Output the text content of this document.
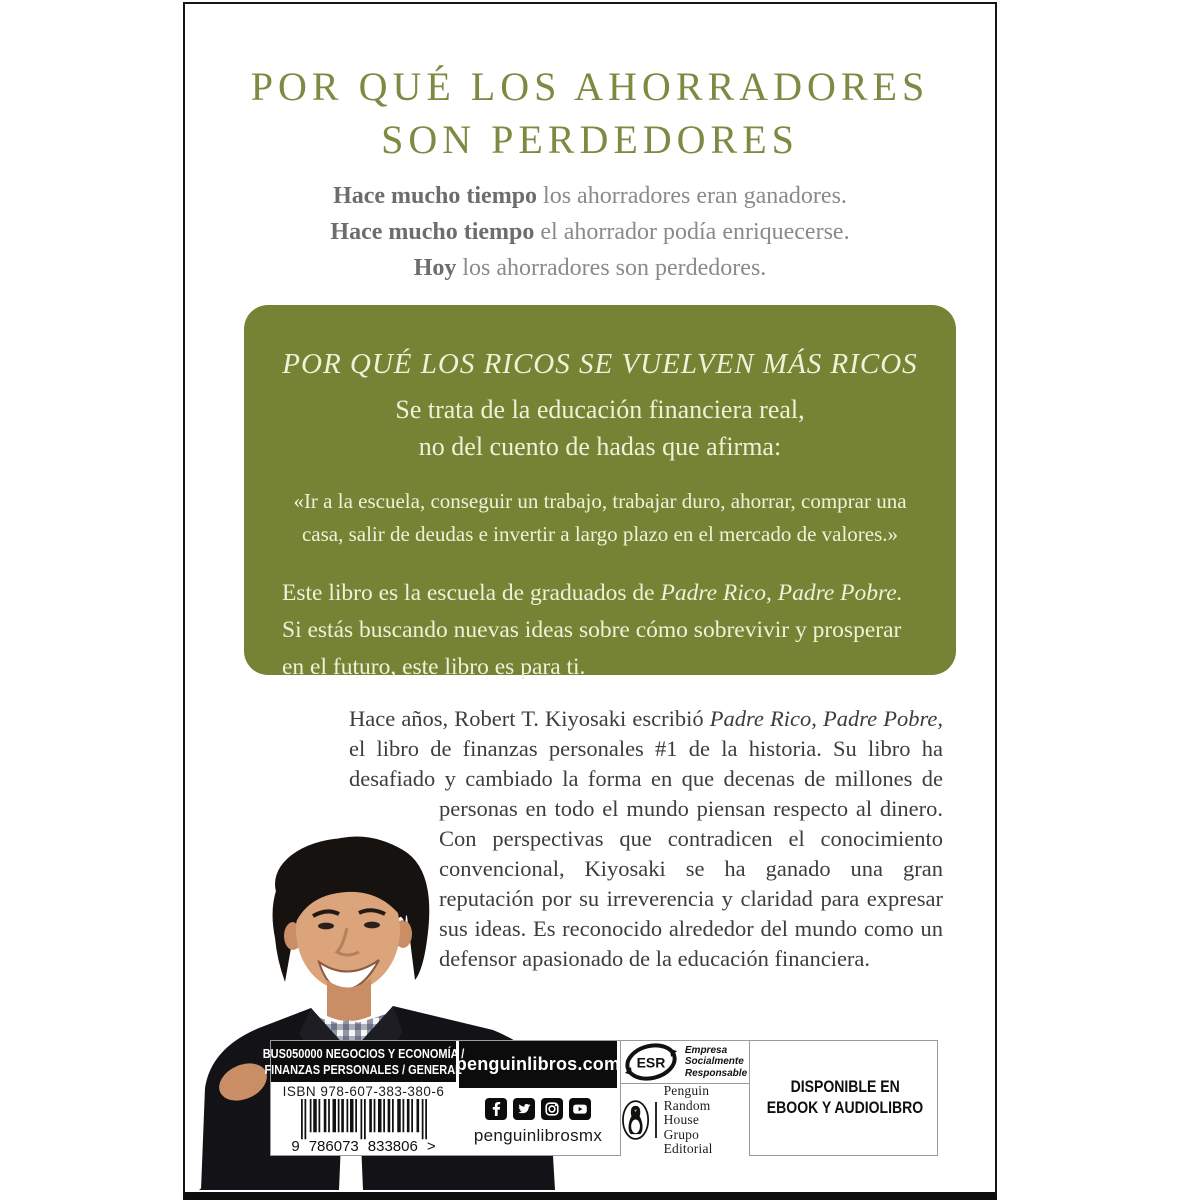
POR QUÉ LOS AHORRADORES
SON PERDEDORES
Hace mucho tiempo los ahorradores eran ganadores.
Hace mucho tiempo el ahorrador podía enriquecerse.
Hoy los ahorradores son perdedores.
POR QUÉ LOS RICOS SE VUELVEN MÁS RICOS
Se trata de la educación financiera real,
no del cuento de hadas que afirma:
«Ir a la escuela, conseguir un trabajo, trabajar duro, ahorrar, comprar una casa, salir de deudas e invertir a largo plazo en el mercado de valores.»
Este libro es la escuela de graduados de Padre Rico, Padre Pobre. Si estás buscando nuevas ideas sobre cómo sobrevivir y prosperar en el futuro, este libro es para ti.
Hace años, Robert T. Kiyosaki escribió Padre Rico, Padre Pobre, el libro de finanzas personales #1 de la historia. Su libro ha desafiado y cambiado la forma en que decenas de millones de personas en todo el mundo piensan respecto al dinero. Con perspectivas que contradicen el conocimiento convencional, Kiyosaki se ha ganado una gran reputación por su irreverencia y claridad para expresar sus ideas. Es reconocido alrededor del mundo como un defensor apasionado de la educación financiera.
BUS050000 NEGOCIOS Y ECONOMÍA /
FINANZAS PERSONALES / GENERAL
ISBN 978-607-383-380-6
9 786073 833806 >
penguinlibros.com
penguinlibrosmx
ESR
Empresa
Socialmente
Responsable
Penguin
Random House
Grupo Editorial
DISPONIBLE EN
EBOOK Y AUDIOLIBRO
